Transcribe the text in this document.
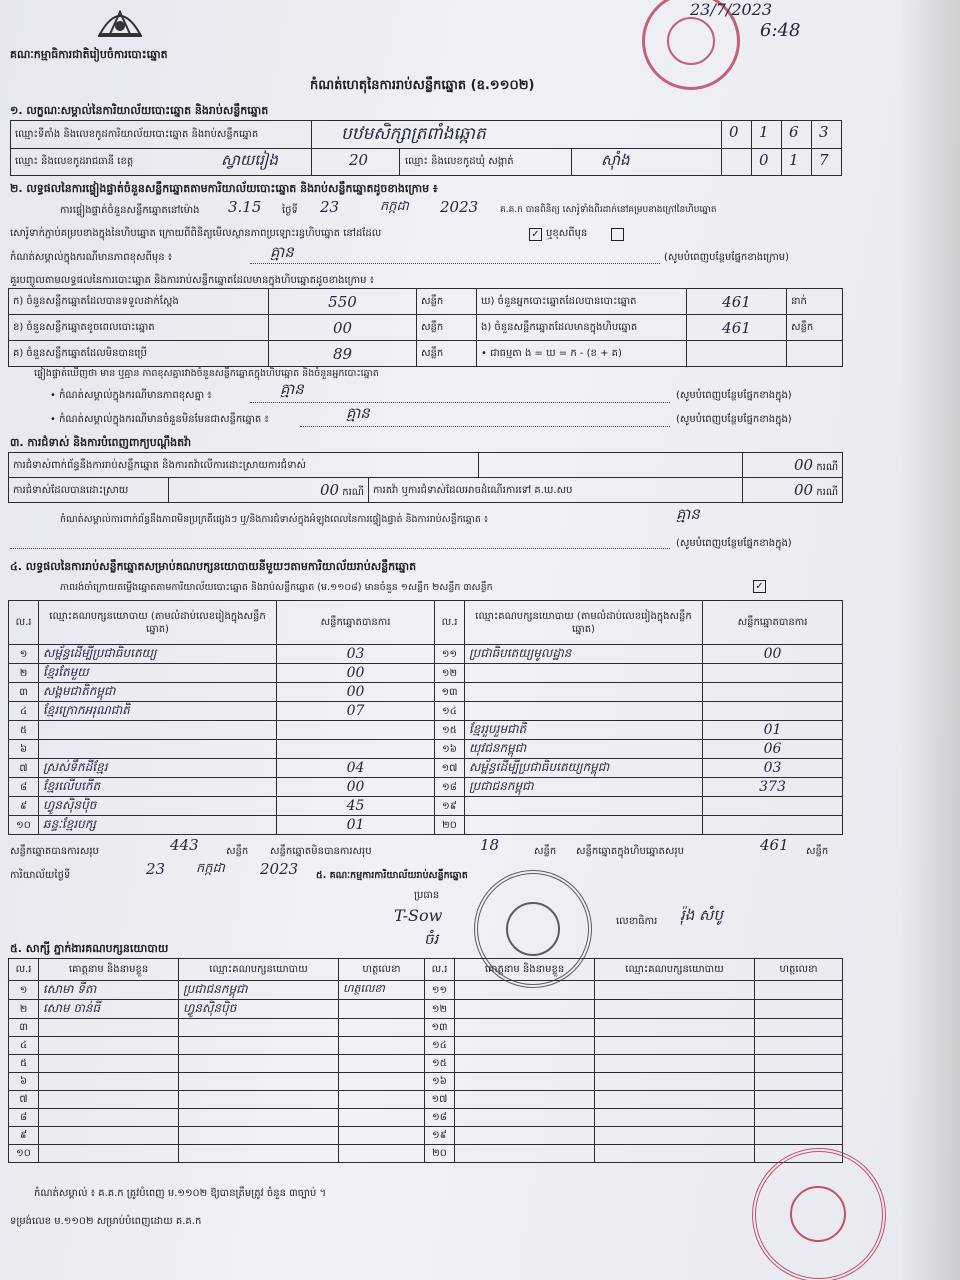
គណៈកម្មាធិការជាតិរៀបចំការបោះឆ្នោត
កំណត់ហេតុនៃការរាប់សន្លឹកឆ្នោត (ឧ.១១០២)
23/7/2023
6:48
១. លក្ខណៈសម្គាល់នៃការិយាល័យបោះឆ្នោត និងរាប់សន្លឹកឆ្នោត
ឈ្មោះទីតាំង និងលេខកូដការិយាល័យបោះឆ្នោត និងរាប់សន្លឹកឆ្នោត	បឋមសិក្សាត្រពាំងឆ្កោត
ឈ្មោះ និងលេខកូដរាជធានី ខេត្ត	ស្វាយរៀង	20	ឈ្មោះ និងលេខកូដឃុំ សង្កាត់	ស៊ាំង
0 1 6 3
0 1 7
២. លទ្ធផលនៃការផ្ទៀងផ្ទាត់ចំនួនសន្លឹកឆ្នោតតាមការិយាល័យបោះឆ្នោត និងរាប់សន្លឹកឆ្នោតដូចខាងក្រោម ៖
ការផ្ទៀងផ្ទាត់ចំនួនសន្លឹកឆ្នោតនៅម៉ោង 3.15 ថ្ងៃទី 23	កក្កដា 2023 គ.គ.ក បានពិនិត្យ សោរ៉ូទាំងពីរដាក់នៅគម្របខាងក្រៅនៃហិបឆ្នោត
សោរ៉ូទាក់ភ្ជាប់គម្របខាងក្នុងនៃហិបឆ្នោត ក្រោយពីពិនិត្យមើលស្ថានភាពប្រឡោះរន្ធហិបឆ្នោត នៅដដែល	✓ ឬខុសពីមុន
កំណត់សម្គាល់ក្នុងករណីមានភាពខុសពីមុន ៖	គ្មាន	(សូមបំពេញបន្ថែមផ្នែកខាងក្រោម)
គួរបញ្ចូលតាមលទ្ធផលនៃការបោះឆ្នោត និងការរាប់សន្លឹកឆ្នោតដែលមានក្នុងហិបឆ្នោតដូចខាងក្រោម ៖
ក) ចំនួនសន្លឹកឆ្នោតដែលបានទទួលដាក់ស្តែង	550	សន្លឹក	ឃ) ចំនួនអ្នកបោះឆ្នោតដែលបានបោះឆ្នោត	461	នាក់
ខ) ចំនួនសន្លឹកឆ្នោតខូចពេលបោះឆ្នោត	00	សន្លឹក	ង) ចំនួនសន្លឹកឆ្នោតដែលមានក្នុងហិបឆ្នោត	461	សន្លឹក
គ) ចំនួនសន្លឹកឆ្នោតដែលមិនបានប្រើ	89	សន្លឹក	• ជាធម្មតា ង = ឃ = ក - (ខ + គ)		
ផ្ទៀងផ្ទាត់ឃើញថា មាន ឬគ្មាន ភាពខុសគ្នារវាងចំនួនសន្លឹកឆ្នោតក្នុងហិបឆ្នោត និងចំនួនអ្នកបោះឆ្នោត
• កំណត់សម្គាល់ក្នុងករណីមានភាពខុសគ្នា ៖	គ្មាន	(សូមបំពេញបន្ថែមផ្នែកខាងក្នុង)
• កំណត់សម្គាល់ក្នុងករណីមានចំនួនមិនមែនជាសន្លឹកឆ្នោត ៖	គ្មាន	(សូមបំពេញបន្ថែមផ្នែកខាងក្នុង)
៣. ការជំទាស់ និងការបំពេញពាក្យបណ្តឹងតវ៉ា
ការជំទាស់ពាក់ព័ន្ធនឹងការរាប់សន្លឹកឆ្នោត និងការតវ៉ាលើការដោះស្រាយការជំទាស់				00 ករណី
ការជំទាស់ដែលបានដោះស្រាយ	00 ករណី	ការតវ៉ា ឬការជំទាស់ដែលអាចដំណើរការទៅ គ.ឃ.សប		00 ករណី
កំណត់សម្គាល់ការពាក់ព័ន្ធនឹងភាពមិនប្រក្រតីផ្សេងៗ ឬ/និងការជំទាស់ក្នុងអំឡុងពេលនៃការផ្ទៀងផ្ទាត់ និងការរាប់សន្លឹកឆ្នោត ៖	គ្មាន
(សូមបំពេញបន្ថែមផ្នែកខាងក្នុង)
៤. លទ្ធផលនៃការរាប់សន្លឹកឆ្នោតសម្រាប់គណបក្សនយោបាយនីមួយៗតាមការិយាល័យរាប់សន្លឹកឆ្នោត
ភាពរង់ចាំក្រោយតម្លើងឆ្នោតតាមការិយាល័យបោះឆ្នោត និងរាប់សន្លឹកឆ្នោត (ម.១១០៨) មានចំនួន ១សន្លឹក ២សន្លឹក ៣សន្លឹក	✓
ល.រ	ឈ្មោះគណបក្សនយោបាយ (តាមលំដាប់លេខរៀងក្នុងសន្លឹកឆ្នោត)	សន្លឹកឆ្នោតបានការ	ល.រ	ឈ្មោះគណបក្សនយោបាយ (តាមលំដាប់លេខរៀងក្នុងសន្លឹកឆ្នោត)	សន្លឹកឆ្នោតបានការ
១	សម្ព័ន្ធដើម្បីប្រជាធិបតេយ្យ	03	១១	ប្រជាធិបតេយ្យមូលដ្ឋាន	00
២	ខ្មែរតែមួយ	00	១២		
៣	សង្គមជាតិកម្ពុជា	00	១៣		
៤	ខ្មែរក្រោកអរុណជាតិ	07	១៤		
៥			១៥	ខ្មែររួបរួមជាតិ	01
៦			១៦	យុវជនកម្ពុជា	06
៧	ស្រស់ទឹកដីខ្មែរ	04	១៧	សម្ព័ន្ធដើម្បីប្រជាធិបតេយ្យកម្ពុជា	03
៨	ខ្មែរលើបកើត	00	១៨	ប្រជាជនកម្ពុជា	373
៩	ហ្វូនស៊ិនប៉ិច	45	១៩		
១០	ឆន្ទៈខ្មែរបក្ស	01	២០		
សន្លឹកឆ្នោតបានការសរុប	443	សន្លឹក សន្លឹកឆ្នោតមិនបានការសរុប	18	សន្លឹក សន្លឹកឆ្នោតក្នុងហិបឆ្នោតសរុប	461 សន្លឹក
ការិយាល័យថ្ងៃទី	23 កក្កដា 2023 ៥. គណៈកម្មការការិយាល័យរាប់សន្លឹកឆ្នោត
ប្រធាន
T-Sow
ចំរ
លេខាធិការ រ៉ុង សំបូ
៥. សាក្សី ភ្នាក់ងារគណបក្សនយោបាយ
ល.រ	គោត្តនាម និងនាមខ្លួន	ឈ្មោះគណបក្សនយោបាយ	ហត្ថលេខា	ល.រ	គោត្តនាម និងនាមខ្លួន	ឈ្មោះគណបក្សនយោបាយ	ហត្ថលេខា
១	សោមា ទីតា	ប្រជាជនកម្ពុជា	ហត្ថលេខា	១១			
២	សោម ចាន់ធី	ហ្វូនស៊ិនប៉ិច		១២			
៣				១៣			
៤				១៤			
៥				១៥			
៦				១៦			
៧				១៧			
៨				១៨			
៩				១៩			
១០				២០			
កំណត់សម្គាល់ ៖ គ.គ.ក ត្រូវបំពេញ ម.១១០២ ឱ្យបានត្រឹមត្រូវ ចំនួន ៣ច្បាប់ ។
ទម្រង់លេខ ម.១១០២ សម្រាប់បំពេញដោយ គ.គ.ក
